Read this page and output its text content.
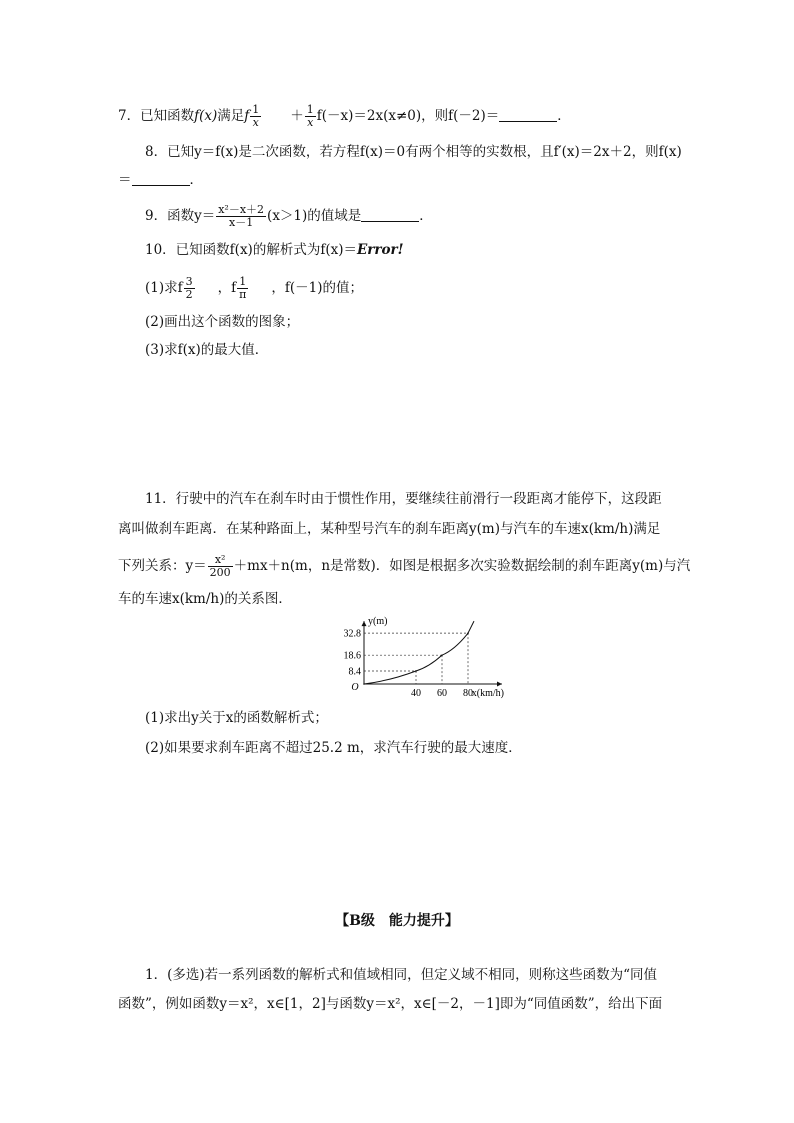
7．已知函数f(x)满足f $\frac{1}{x} + \frac{1}{x} f(-x)=2x(x\ne 0)$，则f(－2)＝	．
8．已知y＝f(x)是二次函数，若方程f(x)＝0有两个相等的实数根，且f′(x)＝2x＋2，则f(x)
＝	．
9．函数$y= \frac{\text{x²－x＋2}}{x-1} (x>1)$的值域是	．
10．已知函数f(x)的解析式为f(x)＝Error!
(1)求f $\frac{3}{2}$ ，f $\frac{1}{\pi}$ ，f(－1)的值；
(2)画出这个函数的图象；
(3)求f(x)的最大值．
11．行驶中的汽车在刹车时由于惯性作用，要继续往前滑行一段距离才能停下，这段距
离叫做刹车距离．在某种路面上，某种型号汽车的刹车距离y(m)与汽车的车速x(km/h)满足
下列关系：$y= \frac{\text{x²}}{200} +mx+n(m$，n是常数)．如图是根据多次实验数据绘制的刹车距离y(m)与汽
车的车速x(km/h)的关系图．
8.4
40
18.6
60
32.8
80
O
y(m)
x(km/h)
(1)求出y关于x的函数解析式；
(2)如果要求刹车距离不超过25.2 m，求汽车行驶的最大速度．
【B级　能力提升】
1．(多选)若一系列函数的解析式和值域相同，但定义域不相同，则称这些函数为“同值
函数”，例如函数y＝x²，x∈[1，2]与函数y＝x²，x∈[－2，－1]即为“同值函数”，给出下面
